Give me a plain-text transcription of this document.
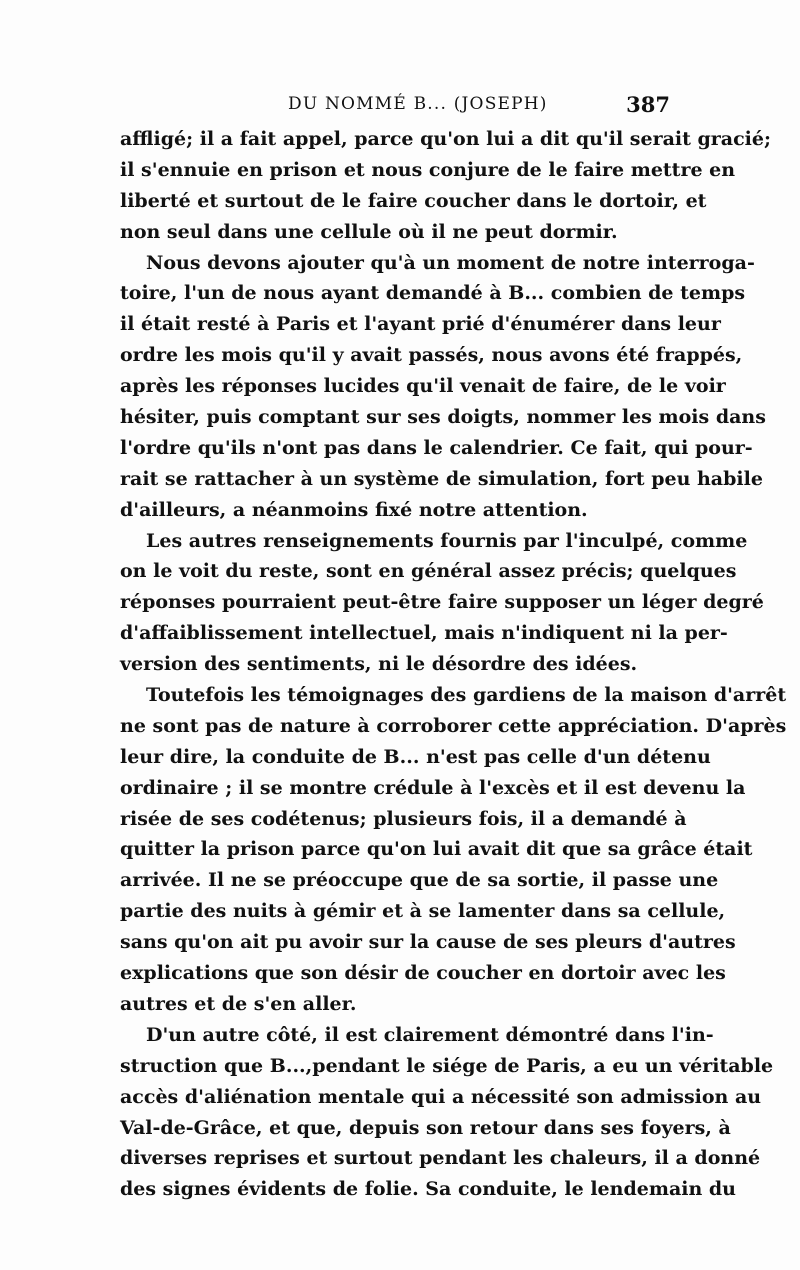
DU NOMMÉ B... (JOSEPH)	387
affligé; il a fait appel, parce qu'on lui a dit qu'il serait gracié;
il s'ennuie en prison et nous conjure de le faire mettre en
liberté et surtout de le faire coucher dans le dortoir, et
non seul dans une cellule où il ne peut dormir.
Nous devons ajouter qu'à un moment de notre interroga-
toire, l'un de nous ayant demandé à B... combien de temps
il était resté à Paris et l'ayant prié d'énumérer dans leur
ordre les mois qu'il y avait passés, nous avons été frappés,
après les réponses lucides qu'il venait de faire, de le voir
hésiter, puis comptant sur ses doigts, nommer les mois dans
l'ordre qu'ils n'ont pas dans le calendrier. Ce fait, qui pour-
rait se rattacher à un système de simulation, fort peu habile
d'ailleurs, a néanmoins fixé notre attention.
Les autres renseignements fournis par l'inculpé, comme
on le voit du reste, sont en général assez précis; quelques
réponses pourraient peut-être faire supposer un léger degré
d'affaiblissement intellectuel, mais n'indiquent ni la per-
version des sentiments, ni le désordre des idées.
Toutefois les témoignages des gardiens de la maison d'arrêt
ne sont pas de nature à corroborer cette appréciation. D'après
leur dire, la conduite de B... n'est pas celle d'un détenu
ordinaire ; il se montre crédule à l'excès et il est devenu la
risée de ses codétenus; plusieurs fois, il a demandé à
quitter la prison parce qu'on lui avait dit que sa grâce était
arrivée. Il ne se préoccupe que de sa sortie, il passe une
partie des nuits à gémir et à se lamenter dans sa cellule,
sans qu'on ait pu avoir sur la cause de ses pleurs d'autres
explications que son désir de coucher en dortoir avec les
autres et de s'en aller.
D'un autre côté, il est clairement démontré dans l'in-
struction que B...,pendant le siége de Paris, a eu un véritable
accès d'aliénation mentale qui a nécessité son admission au
Val-de-Grâce, et que, depuis son retour dans ses foyers, à
diverses reprises et surtout pendant les chaleurs, il a donné
des signes évidents de folie. Sa conduite, le lendemain du
